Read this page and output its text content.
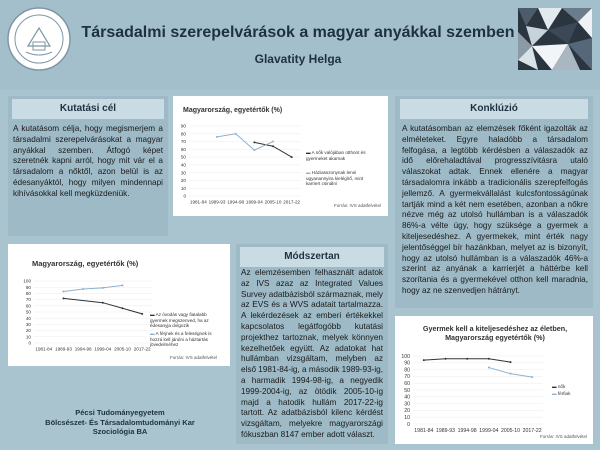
Társadalmi szerepelvárások a magyar anyákkal szemben
Glavatity Helga
Kutatási cél
A kutatásom célja, hogy megismerjem a társadalmi szerepelvárásokat a magyar anyákkal szemben. Átfogó képet szeretnék kapni arról, hogy mit vár el a társadalom a nőktől, azon belül is az édesanyáktól, hogy milyen mindennapi kihívásokkal kell megküzdeniük.
Magyarország, egyetértők (%)
0
10
20
30
40
50
60
70
80
90
1981-84 1989-93 1994-98 1999-04 2005-10 2017-22
▬ A nők valójában otthont és gyermeket akarnak
▬ Háziasszonynak lenni ugyanannyira kielégítő, mint karriert csinálni
Forrás: IVS adatfelvétel
Konklúzió
A kutatásomban az elemzések főként igazolták az elméleteket. Egyre haladóbb a társadalom felfogása, a legtöbb kérdésben a válaszadók az idő előrehaladtával progresszívitásra utaló válaszokat adtak. Ennek ellenére a magyar társadalomra inkább a tradicionális szerepfelfogás jellemző. A gyermekvállalást kulcsfontosságúnak tartják mind a két nem esetében, azonban a nőkre nézve még az utolsó hullámban is a válaszadók 86%-a vélte úgy, hogy szüksége a gyermek a kiteljesedéshez. A gyermekek, mint érték nagy jelentőséggel bír hazánkban, melyet az is bizonyít, hogy az utolsó hullámban is a válaszadók 46%-a szerint az anyának a karrierjét a háttérbe kell szorítania és a gyermekével otthon kell maradnia, hogy az ne szenvedjen hátrányt.
Magyarország, egyetértők (%)
0
10
20
30
40
50
60
70
80
90
100
1981-84 1989-93 1994-98 1999-04 2005-10 2017-22
▬ Az óvodás vagy fiatalabb gyermek megszenved, ha az édesanyja dolgozik
▬ A férjnek és a feleségnek is hozzá kell járulni a háztartás jövedelméhez
Forrás: IVS adatfelvétel
Módszertan
Az elemzésemben felhasznált adatok az IVS azaz az Integrated Values Survey adatbázisból származnak, mely az EVS és a WVS adatait tartalmazza. A lekérdezések az emberi értékekkel kapcsolatos legátfogóbb kutatási projekthez tartoznak, melyek könnyen kezelhetőek együtt. Az adatokat hat hullámban vizsgáltam, melyben az első 1981-84-ig, a második 1989-93-ig, a harmadik 1994-98-ig, a negyedik 1999-2004-ig, az ötödik 2005-10-ig majd a hatodik hullám 2017-22-ig tartott. Az adatbázisból kilenc kérdést vizsgáltam, melyekre magyarországi fókuszban 8147 ember adott választ.
Pécsi Tudományegyetem
Bölcsészet- És Társadalomtudományi Kar
Szociológia BA
Gyermek kell a kiteljesedéshez az életben, Magyarország egyetértők (%)
0
10
20
30
40
50
60
70
80
90
100
1981-84 1989-93 1994-98 1999-04 2005-10 2017-22
▬ nők
▬ férfiak
Forrás: IVS adatfelvétel
